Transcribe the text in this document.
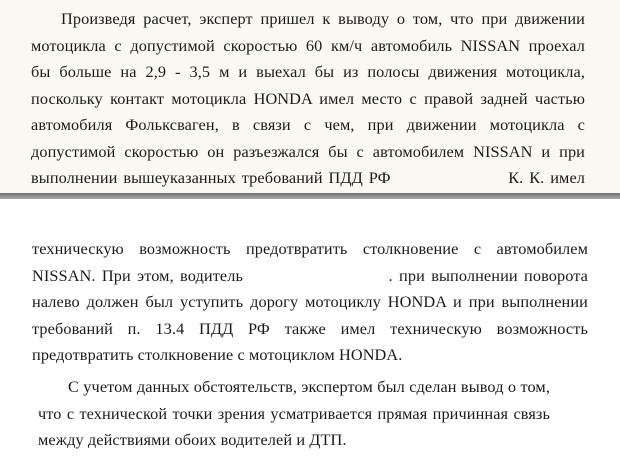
Произведя расчет, эксперт пришел к выводу о том, что при движении
мотоцикла с допустимой скоростью 60 км/ч автомобиль NISSAN проехал
бы больше на 2,9 - 3,5 м и выехал бы из полосы движения мотоцикла,
поскольку контакт мотоцикла HONDA имел место с правой задней частью
автомобиля Фольксваген, в связи с чем, при движении мотоцикла с
допустимой скоростью он разъезжался бы с автомобилем NISSAN и при
выполнении вышеуказанных требований ПДД РФ                    К. К. имел
техническую возможность предотвратить столкновение с автомобилем
NISSAN. При этом, водитель                       . при выполнении поворота
налево должен был уступить дорогу мотоциклу HONDA и при выполнении
требований п. 13.4 ПДД РФ также имел техническую возможность
предотвратить столкновение с мотоциклом HONDA.
С учетом данных обстоятельств, экспертом был сделан вывод о том,
что с технической точки зрения усматривается прямая причинная связь
между действиями обоих водителей и ДТП.
